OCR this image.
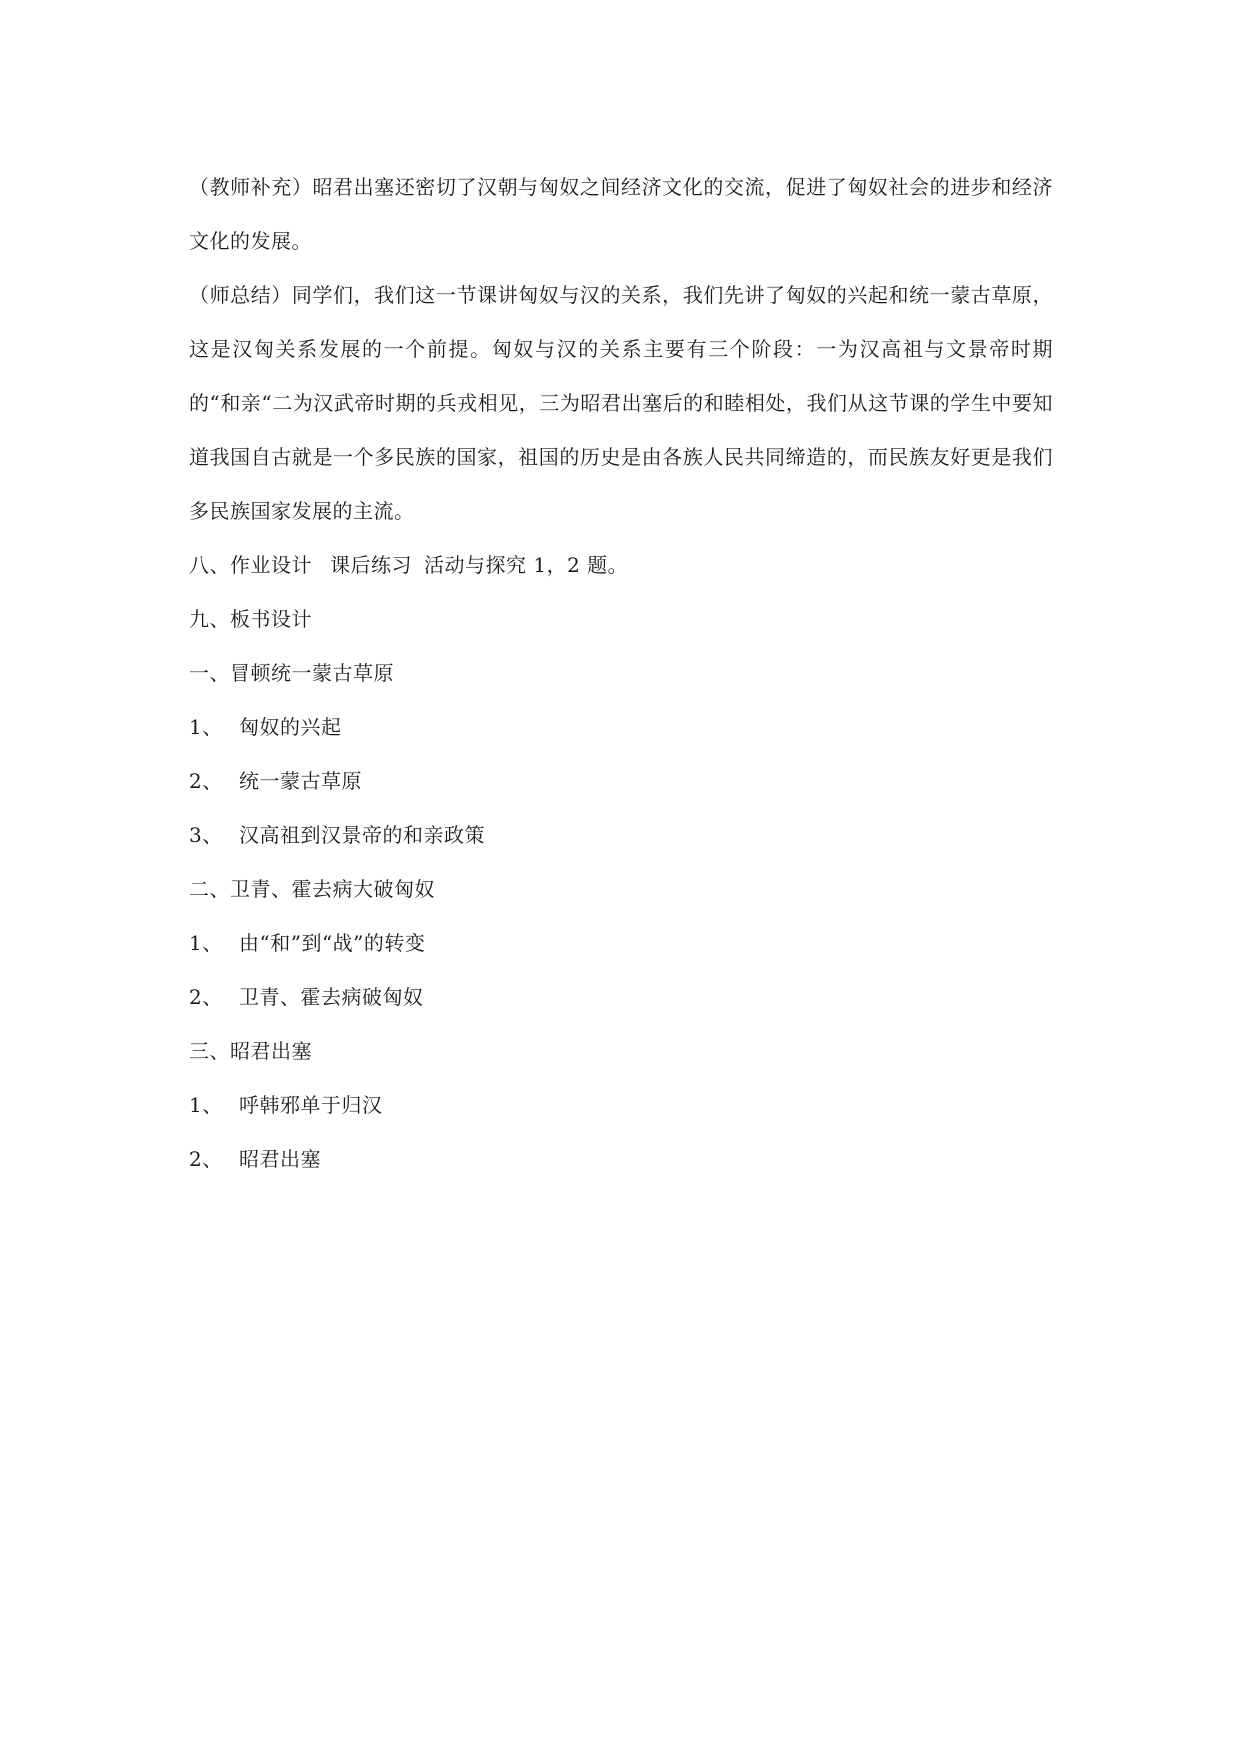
（教师补充）昭君出塞还密切了汉朝与匈奴之间经济文化的交流，促进了匈奴社会的进步和经济文化的发展。

（师总结）同学们，我们这一节课讲匈奴与汉的关系，我们先讲了匈奴的兴起和统一蒙古草原，这是汉匈关系发展的一个前提。匈奴与汉的关系主要有三个阶段：一为汉高祖与文景帝时期的“和亲“二为汉武帝时期的兵戎相见，三为昭君出塞后的和睦相处，我们从这节课的学生中要知道我国自古就是一个多民族的国家，祖国的历史是由各族人民共同缔造的，而民族友好更是我们多民族国家发展的主流。

八、作业设计 课后练习 活动与探究 1，2 题。

九、板书设计

一、冒顿统一蒙古草原

1、 匈奴的兴起

2、 统一蒙古草原

3、 汉高祖到汉景帝的和亲政策

二、卫青、霍去病大破匈奴

1、 由“和”到“战”的转变

2、 卫青、霍去病破匈奴

三、昭君出塞

1、 呼韩邪单于归汉

2、 昭君出塞
